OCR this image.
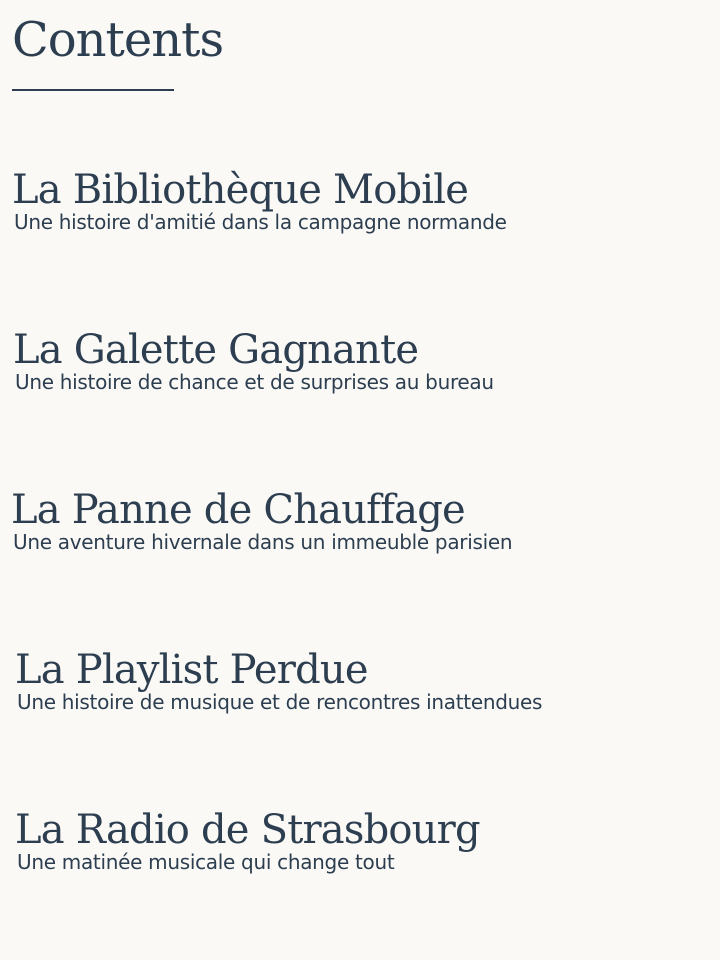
Contents
La Bibliothèque Mobile
Une histoire d'amitié dans la campagne normande
La Galette Gagnante
Une histoire de chance et de surprises au bureau
La Panne de Chauffage
Une aventure hivernale dans un immeuble parisien
La Playlist Perdue
Une histoire de musique et de rencontres inattendues
La Radio de Strasbourg
Une matinée musicale qui change tout
